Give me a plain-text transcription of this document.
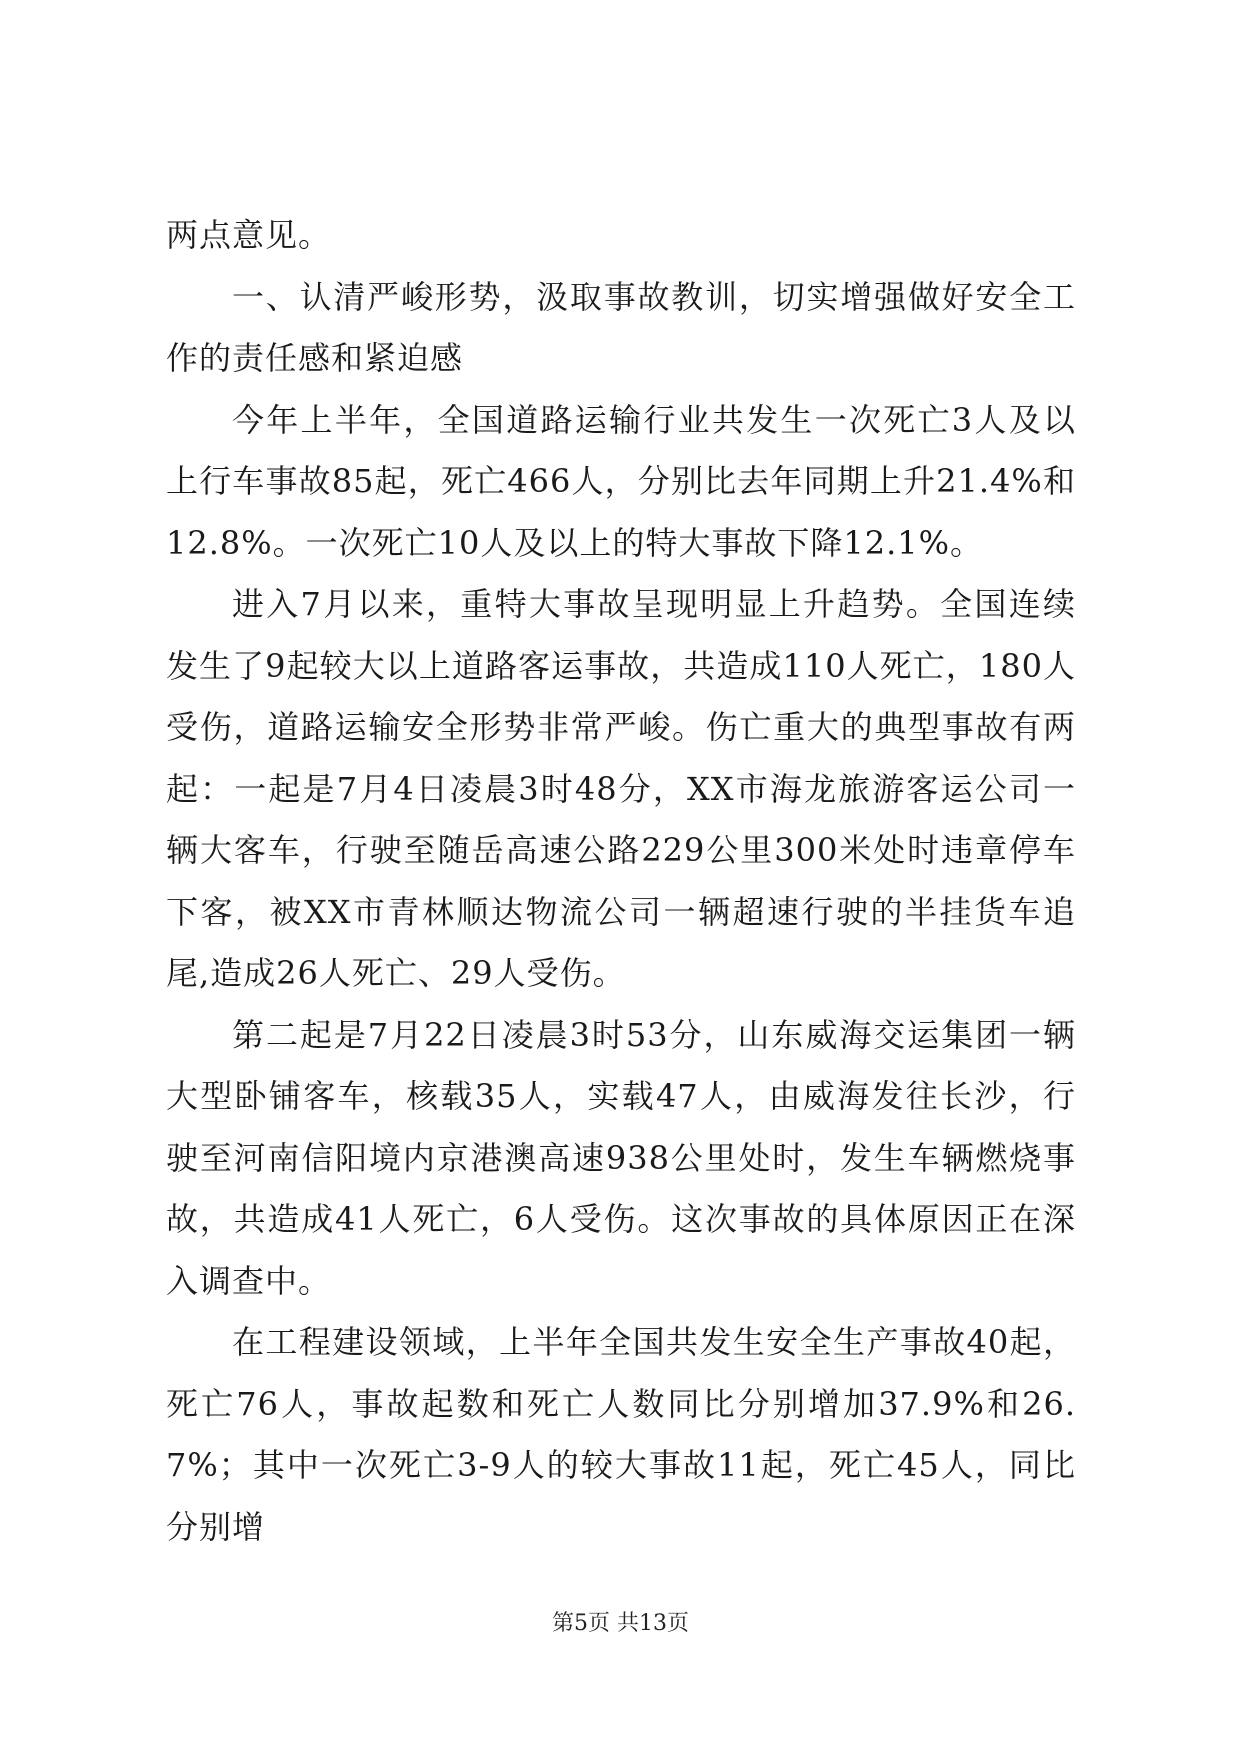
两点意见。

一、认清严峻形势，汲取事故教训，切实增强做好安全工作的责任感和紧迫感

今年上半年，全国道路运输行业共发生一次死亡3人及以上行车事故85起，死亡466人，分别比去年同期上升21.4%和12.8%。一次死亡10人及以上的特大事故下降12.1%。

进入7月以来，重特大事故呈现明显上升趋势。全国连续发生了9起较大以上道路客运事故，共造成110人死亡，180人受伤，道路运输安全形势非常严峻。伤亡重大的典型事故有两起：一起是7月4日凌晨3时48分，XX市海龙旅游客运公司一辆大客车，行驶至随岳高速公路229公里300米处时违章停车下客，被XX市青林顺达物流公司一辆超速行驶的半挂货车追尾,造成26人死亡、29人受伤。

第二起是7月22日凌晨3时53分，山东威海交运集团一辆大型卧铺客车，核载35人，实载47人，由威海发往长沙，行驶至河南信阳境内京港澳高速938公里处时，发生车辆燃烧事故，共造成41人死亡，6人受伤。这次事故的具体原因正在深入调查中。

在工程建设领域，上半年全国共发生安全生产事故40起，死亡76人，事故起数和死亡人数同比分别增加37.9%和26.7%；其中一次死亡3-9人的较大事故11起，死亡45人，同比分别增

第5页 共13页
